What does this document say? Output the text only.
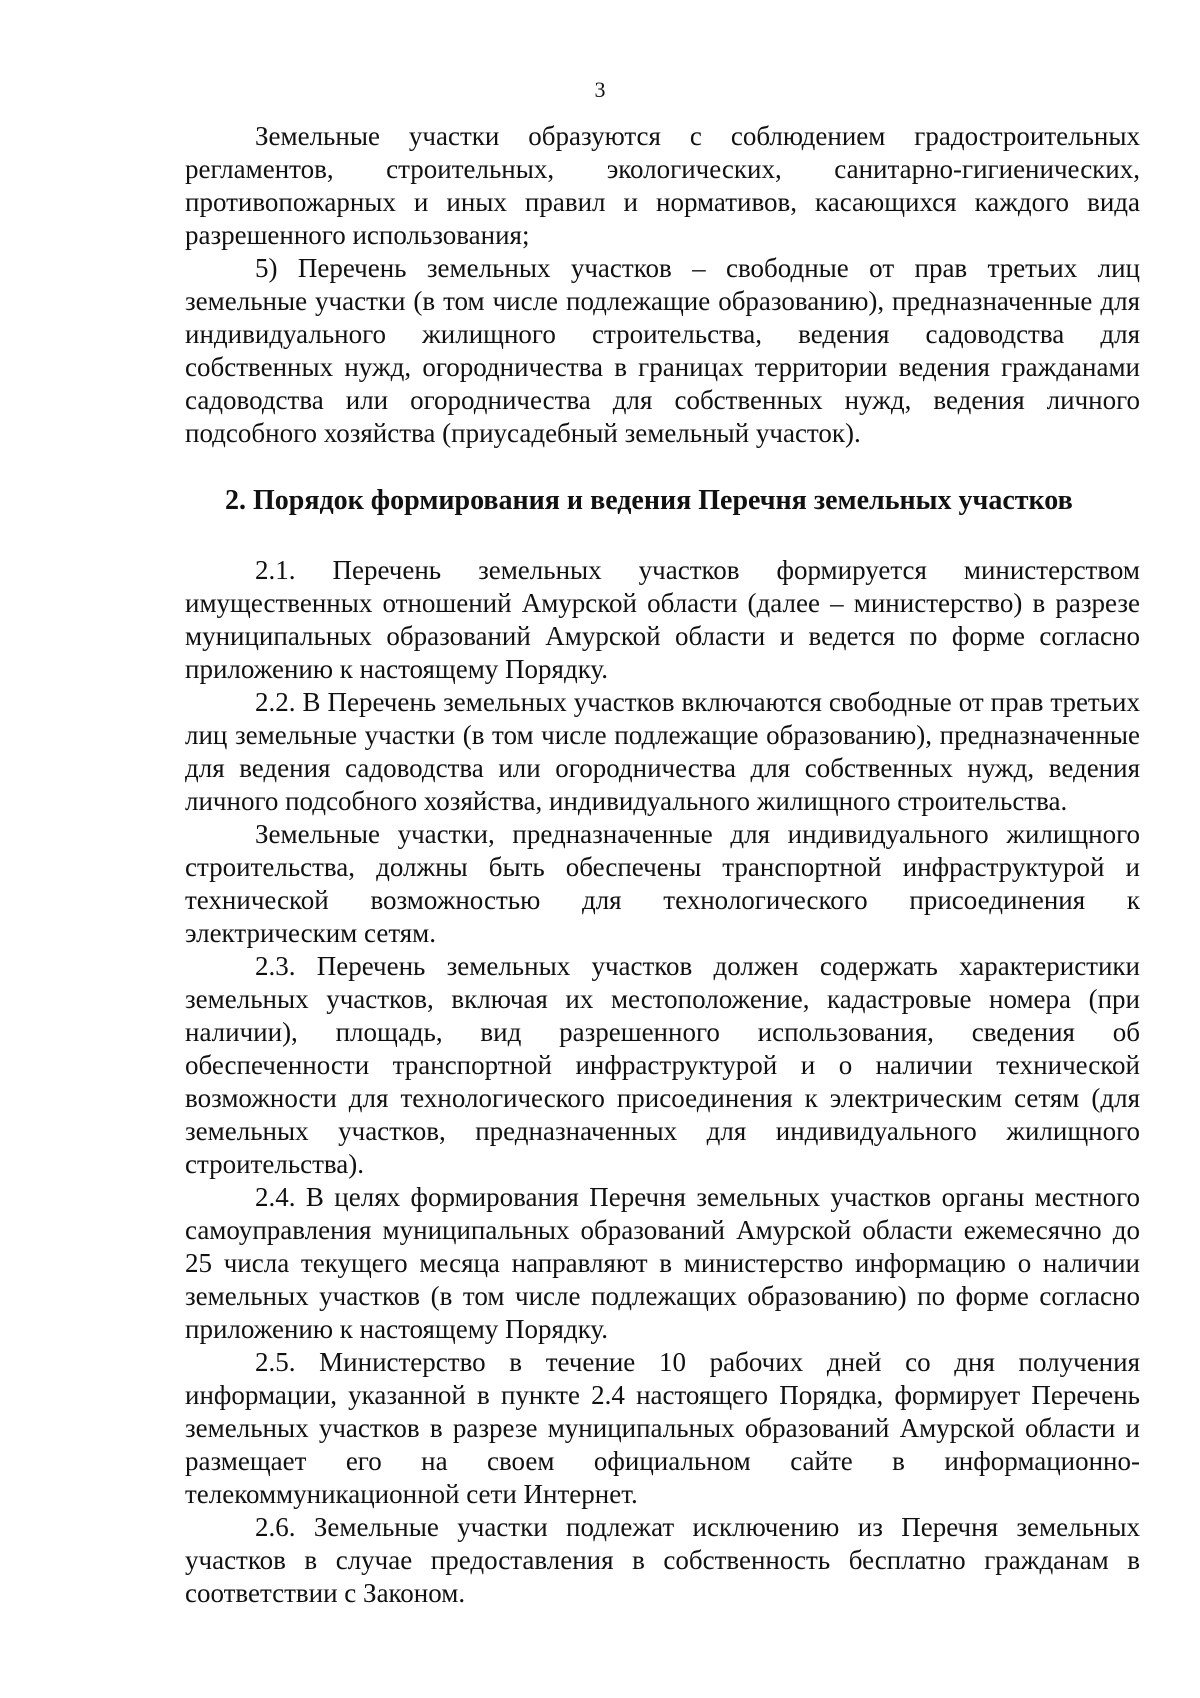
3

Земельные участки образуются с соблюдением градостроительных регламентов, строительных, экологических, санитарно-гигиенических, противопожарных и иных правил и нормативов, касающихся каждого вида разрешенного использования;

5) Перечень земельных участков – свободные от прав третьих лиц земельные участки (в том числе подлежащие образованию), предназначенные для индивидуального жилищного строительства, ведения садоводства для собственных нужд, огородничества в границах территории ведения гражданами садоводства или огородничества для собственных нужд, ведения личного подсобного хозяйства (приусадебный земельный участок).

2. Порядок формирования и ведения Перечня земельных участков

2.1. Перечень земельных участков формируется министерством имущественных отношений Амурской области (далее – министерство) в разрезе муниципальных образований Амурской области и ведется по форме согласно приложению к настоящему Порядку.

2.2. В Перечень земельных участков включаются свободные от прав третьих лиц земельные участки (в том числе подлежащие образованию), предназначенные для ведения садоводства или огородничества для собственных нужд, ведения личного подсобного хозяйства, индивидуального жилищного строительства.

Земельные участки, предназначенные для индивидуального жилищного строительства, должны быть обеспечены транспортной инфраструктурой и технической возможностью для технологического присоединения к электрическим сетям.

2.3. Перечень земельных участков должен содержать характеристики земельных участков, включая их местоположение, кадастровые номера (при наличии), площадь, вид разрешенного использования, сведения об обеспеченности транспортной инфраструктурой и о наличии технической возможности для технологического присоединения к электрическим сетям (для земельных участков, предназначенных для индивидуального жилищного строительства).

2.4. В целях формирования Перечня земельных участков органы местного самоуправления муниципальных образований Амурской области ежемесячно до 25 числа текущего месяца направляют в министерство информацию о наличии земельных участков (в том числе подлежащих образованию) по форме согласно приложению к настоящему Порядку.

2.5. Министерство в течение 10 рабочих дней со дня получения информации, указанной в пункте 2.4 настоящего Порядка, формирует Перечень земельных участков в разрезе муниципальных образований Амурской области и размещает его на своем официальном сайте в информационно-телекоммуникационной сети Интернет.

2.6. Земельные участки подлежат исключению из Перечня земельных участков в случае предоставления в собственность бесплатно гражданам в соответствии с Законом.
